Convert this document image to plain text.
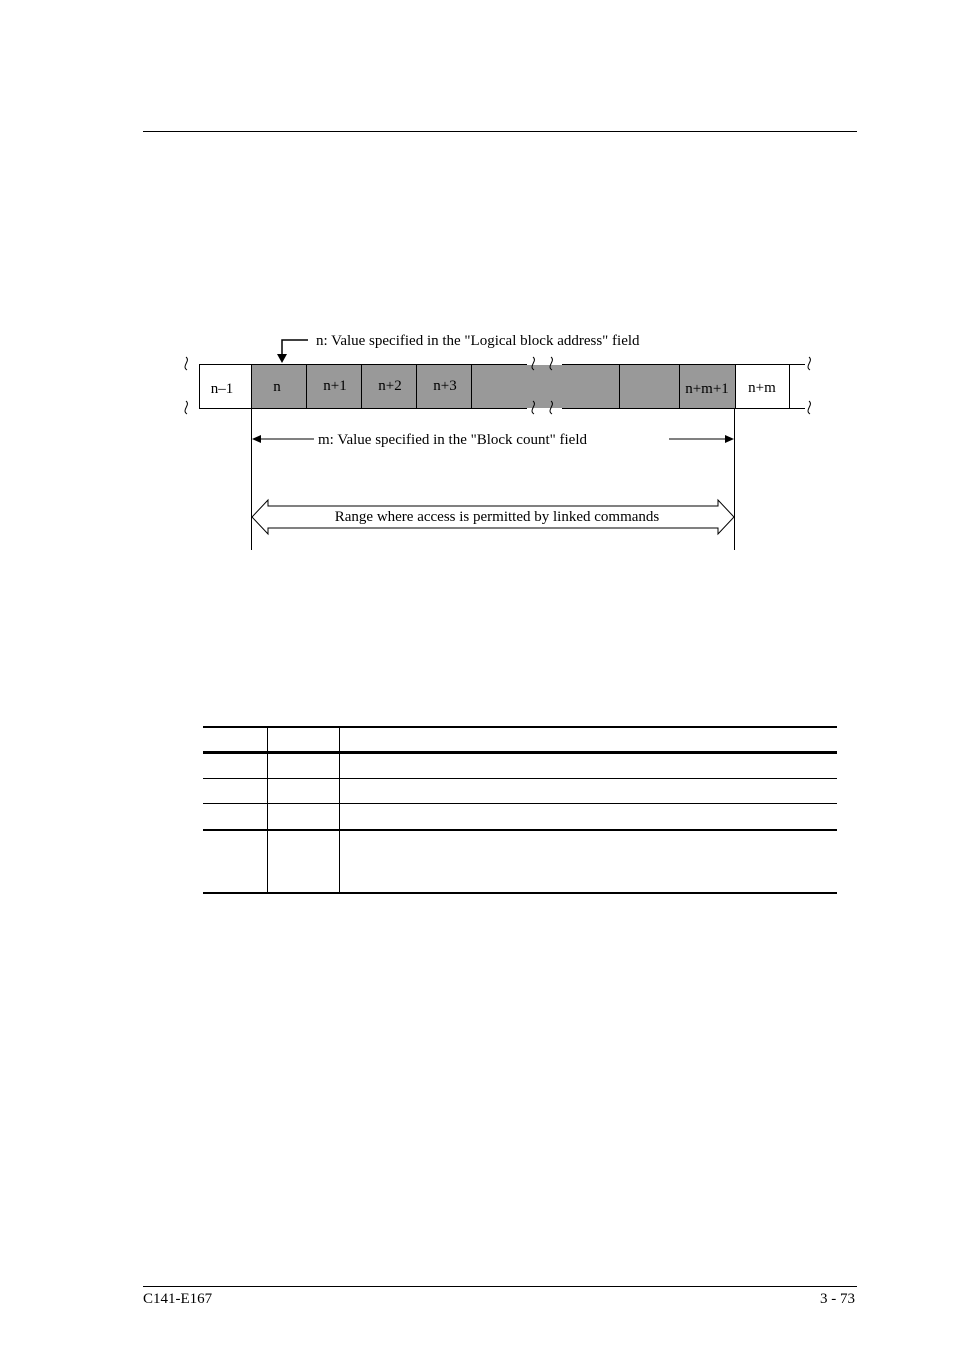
n–1	n	n+1 n+2 n+3	n+m+1 n+m
n: Value specified in the "Logical block address" field
m: Value specified in the "Block count" field
Range where access is permitted by linked commands
C141-E167	3 - 73
